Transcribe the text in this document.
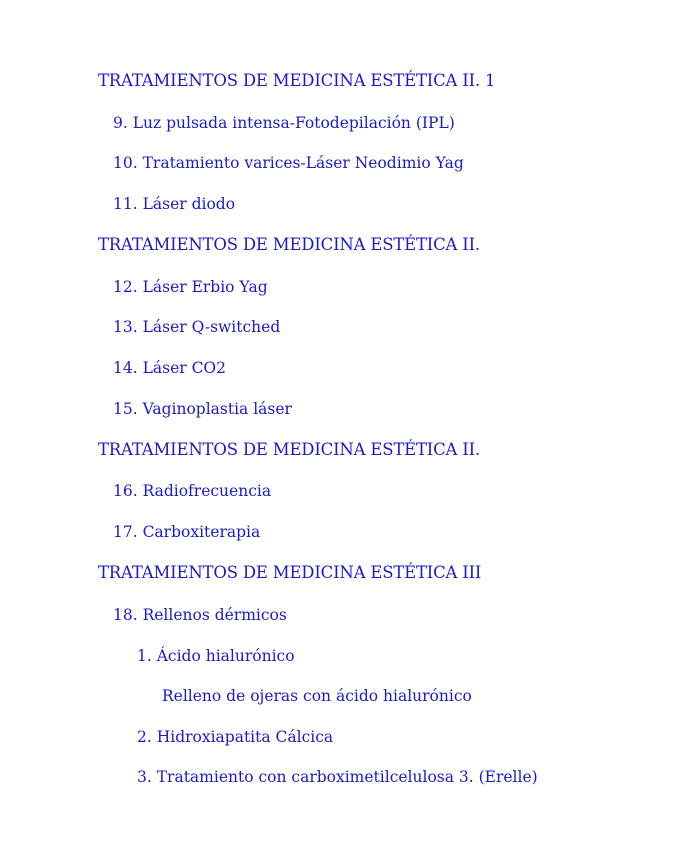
TRATAMIENTOS DE MEDICINA ESTÉTICA II. 1
9. Luz pulsada intensa-Fotodepilación (IPL)
10. Tratamiento varices-Láser Neodimio Yag
11. Láser diodo
TRATAMIENTOS DE MEDICINA ESTÉTICA II.
12. Láser Erbio Yag
13. Láser Q-switched
14. Láser CO2
15. Vaginoplastia láser
TRATAMIENTOS DE MEDICINA ESTÉTICA II.
16. Radiofrecuencia
17. Carboxiterapia
TRATAMIENTOS DE MEDICINA ESTÉTICA III
18. Rellenos dérmicos
1. Ácido hialurónico
Relleno de ojeras con ácido hialurónico
2. Hidroxiapatita Cálcica
3. Tratamiento con carboximetilcelulosa 3. (Erelle)
